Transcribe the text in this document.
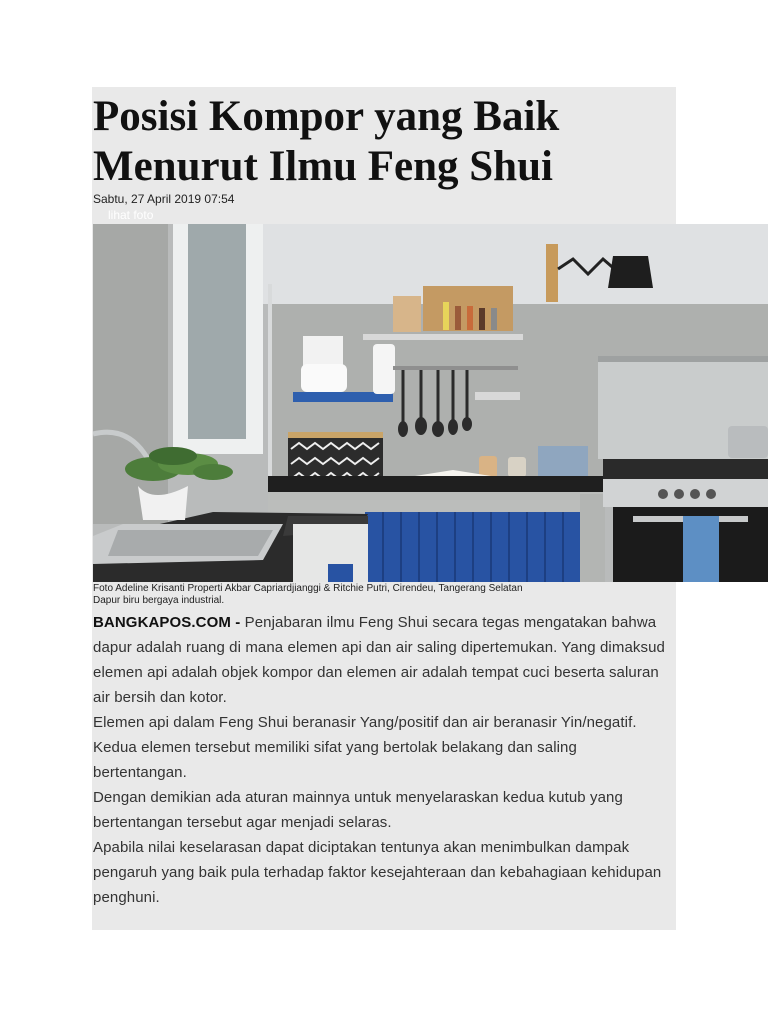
Posisi Kompor yang Baik Menurut Ilmu Feng Shui
Sabtu, 27 April 2019 07:54
lihat foto
Foto Adeline Krisanti Properti Akbar Capriardjianggi & Ritchie Putri, Cirendeu, Tangerang Selatan
Dapur biru bergaya industrial.

BANGKAPOS.COM - Penjabaran ilmu Feng Shui secara tegas mengatakan bahwa dapur adalah ruang di mana elemen api dan air saling dipertemukan. Yang dimaksud elemen api adalah objek kompor dan elemen air adalah tempat cuci beserta saluran air bersih dan kotor.

Elemen api dalam Feng Shui beranasir Yang/positif dan air beranasir Yin/negatif.

Kedua elemen tersebut memiliki sifat yang bertolak belakang dan saling bertentangan.

Dengan demikian ada aturan mainnya untuk menyelaraskan kedua kutub yang bertentangan tersebut agar menjadi selaras.

Apabila nilai keselarasan dapat diciptakan tentunya akan menimbulkan dampak pengaruh yang baik pula terhadap faktor kesejahteraan dan kebahagiaan kehidupan penghuni.
